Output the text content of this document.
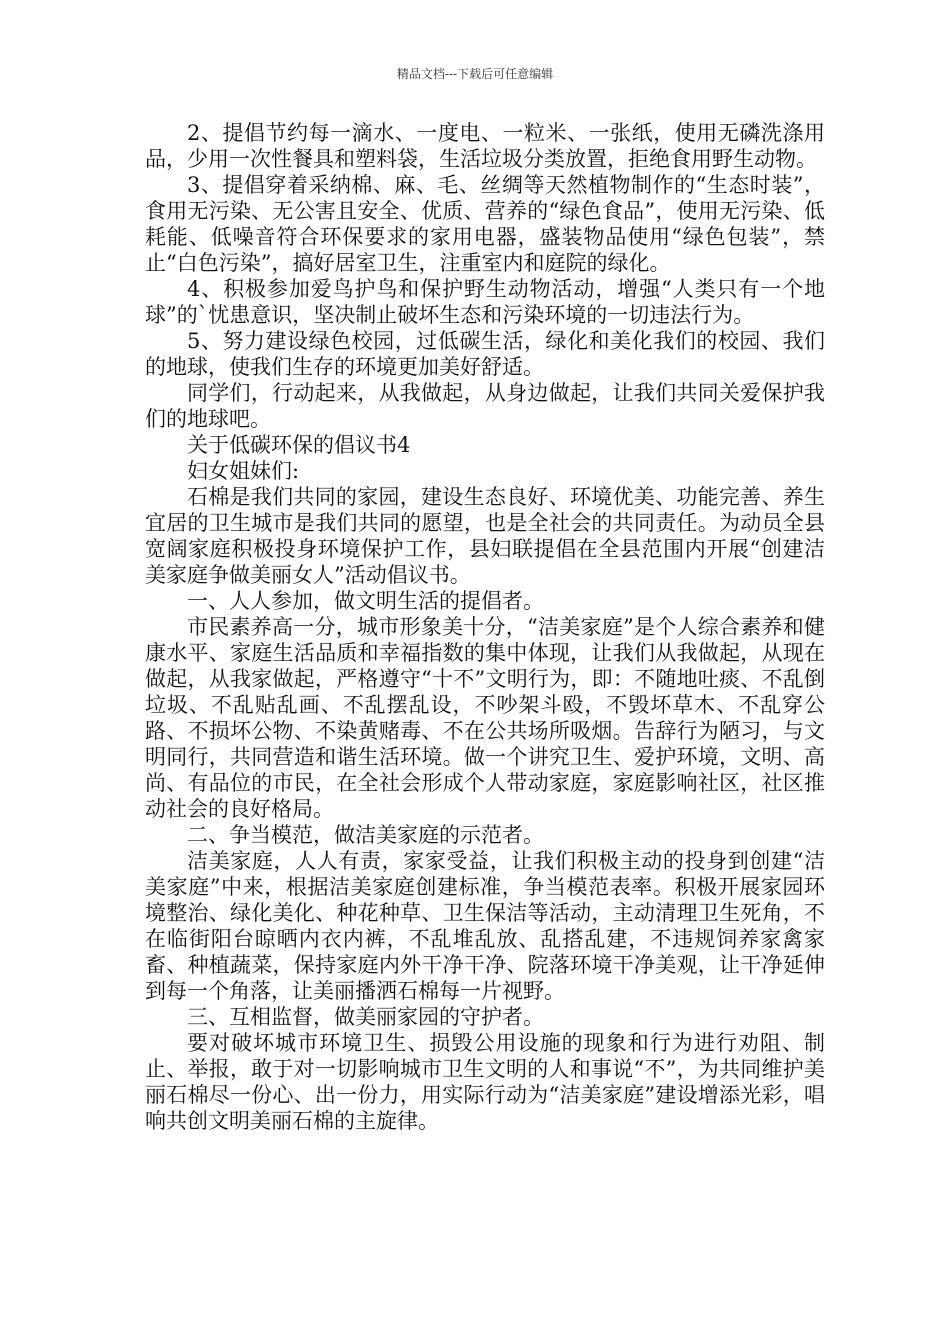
精品文档---下载后可任意编辑

2、提倡节约每一滴水、一度电、一粒米、一张纸，使用无磷洗涤用品，少用一次性餐具和塑料袋，生活垃圾分类放置，拒绝食用野生动物。

3、提倡穿着采纳棉、麻、毛、丝绸等天然植物制作的“生态时装”，食用无污染、无公害且安全、优质、营养的“绿色食品”，使用无污染、低耗能、低噪音符合环保要求的家用电器，盛装物品使用“绿色包装”，禁止“白色污染”，搞好居室卫生，注重室内和庭院的绿化。

4、积极参加爱鸟护鸟和保护野生动物活动，增强“人类只有一个地球”的`忧患意识，坚决制止破坏生态和污染环境的一切违法行为。

5、努力建设绿色校园，过低碳生活，绿化和美化我们的校园、我们的地球，使我们生存的环境更加美好舒适。

同学们，行动起来，从我做起，从身边做起，让我们共同关爱保护我们的地球吧。

关于低碳环保的倡议书4

妇女姐妹们:

石棉是我们共同的家园，建设生态良好、环境优美、功能完善、养生宜居的卫生城市是我们共同的愿望，也是全社会的共同责任。为动员全县宽阔家庭积极投身环境保护工作，县妇联提倡在全县范围内开展“创建洁美家庭争做美丽女人”活动倡议书。

一、人人参加，做文明生活的提倡者。

市民素养高一分，城市形象美十分，“洁美家庭”是个人综合素养和健康水平、家庭生活品质和幸福指数的集中体现，让我们从我做起，从现在做起，从我家做起，严格遵守“十不”文明行为，即：不随地吐痰、不乱倒垃圾、不乱贴乱画、不乱摆乱设，不吵架斗殴，不毁坏草木、不乱穿公路、不损坏公物、不染黄赌毒、不在公共场所吸烟。告辞行为陋习，与文明同行，共同营造和谐生活环境。做一个讲究卫生、爱护环境，文明、高尚、有品位的市民，在全社会形成个人带动家庭，家庭影响社区，社区推动社会的良好格局。

二、争当模范，做洁美家庭的示范者。

洁美家庭，人人有责，家家受益，让我们积极主动的投身到创建“洁美家庭”中来，根据洁美家庭创建标准，争当模范表率。积极开展家园环境整治、绿化美化、种花种草、卫生保洁等活动，主动清理卫生死角，不在临街阳台晾晒内衣内裤，不乱堆乱放、乱搭乱建，不违规饲养家禽家畜、种植蔬菜，保持家庭内外干净干净、院落环境干净美观，让干净延伸到每一个角落，让美丽播洒石棉每一片视野。

三、互相监督，做美丽家园的守护者。

要对破坏城市环境卫生、损毁公用设施的现象和行为进行劝阻、制止、举报，敢于对一切影响城市卫生文明的人和事说“不”，为共同维护美丽石棉尽一份心、出一份力，用实际行动为“洁美家庭”建设增添光彩，唱响共创文明美丽石棉的主旋律。
